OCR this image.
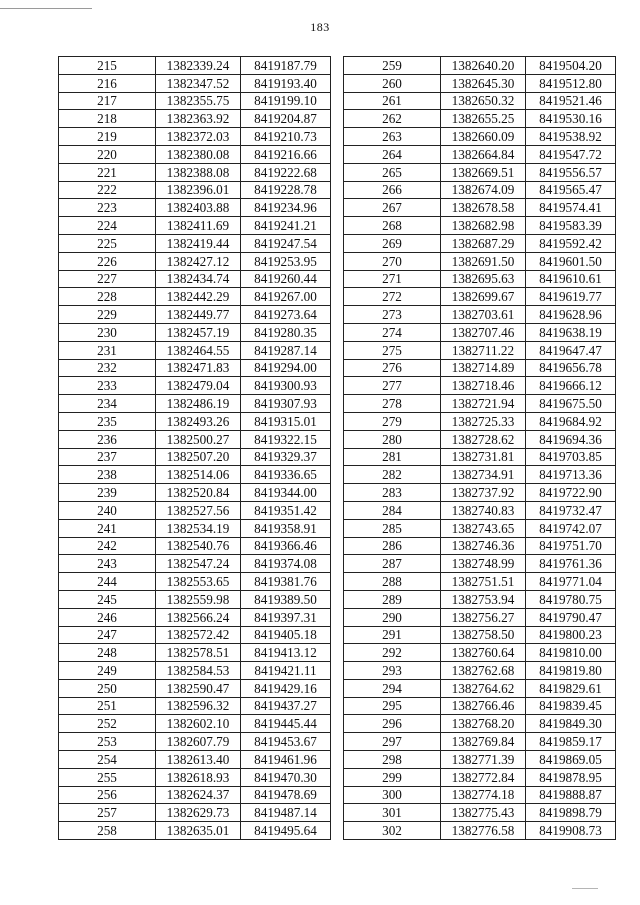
183
215	1382339.24	8419187.79
216	1382347.52	8419193.40
217	1382355.75	8419199.10
218	1382363.92	8419204.87
219	1382372.03	8419210.73
220	1382380.08	8419216.66
221	1382388.08	8419222.68
222	1382396.01	8419228.78
223	1382403.88	8419234.96
224	1382411.69	8419241.21
225	1382419.44	8419247.54
226	1382427.12	8419253.95
227	1382434.74	8419260.44
228	1382442.29	8419267.00
229	1382449.77	8419273.64
230	1382457.19	8419280.35
231	1382464.55	8419287.14
232	1382471.83	8419294.00
233	1382479.04	8419300.93
234	1382486.19	8419307.93
235	1382493.26	8419315.01
236	1382500.27	8419322.15
237	1382507.20	8419329.37
238	1382514.06	8419336.65
239	1382520.84	8419344.00
240	1382527.56	8419351.42
241	1382534.19	8419358.91
242	1382540.76	8419366.46
243	1382547.24	8419374.08
244	1382553.65	8419381.76
245	1382559.98	8419389.50
246	1382566.24	8419397.31
247	1382572.42	8419405.18
248	1382578.51	8419413.12
249	1382584.53	8419421.11
250	1382590.47	8419429.16
251	1382596.32	8419437.27
252	1382602.10	8419445.44
253	1382607.79	8419453.67
254	1382613.40	8419461.96
255	1382618.93	8419470.30
256	1382624.37	8419478.69
257	1382629.73	8419487.14
258	1382635.01	8419495.64
259	1382640.20	8419504.20
260	1382645.30	8419512.80
261	1382650.32	8419521.46
262	1382655.25	8419530.16
263	1382660.09	8419538.92
264	1382664.84	8419547.72
265	1382669.51	8419556.57
266	1382674.09	8419565.47
267	1382678.58	8419574.41
268	1382682.98	8419583.39
269	1382687.29	8419592.42
270	1382691.50	8419601.50
271	1382695.63	8419610.61
272	1382699.67	8419619.77
273	1382703.61	8419628.96
274	1382707.46	8419638.19
275	1382711.22	8419647.47
276	1382714.89	8419656.78
277	1382718.46	8419666.12
278	1382721.94	8419675.50
279	1382725.33	8419684.92
280	1382728.62	8419694.36
281	1382731.81	8419703.85
282	1382734.91	8419713.36
283	1382737.92	8419722.90
284	1382740.83	8419732.47
285	1382743.65	8419742.07
286	1382746.36	8419751.70
287	1382748.99	8419761.36
288	1382751.51	8419771.04
289	1382753.94	8419780.75
290	1382756.27	8419790.47
291	1382758.50	8419800.23
292	1382760.64	8419810.00
293	1382762.68	8419819.80
294	1382764.62	8419829.61
295	1382766.46	8419839.45
296	1382768.20	8419849.30
297	1382769.84	8419859.17
298	1382771.39	8419869.05
299	1382772.84	8419878.95
300	1382774.18	8419888.87
301	1382775.43	8419898.79
302	1382776.58	8419908.73
